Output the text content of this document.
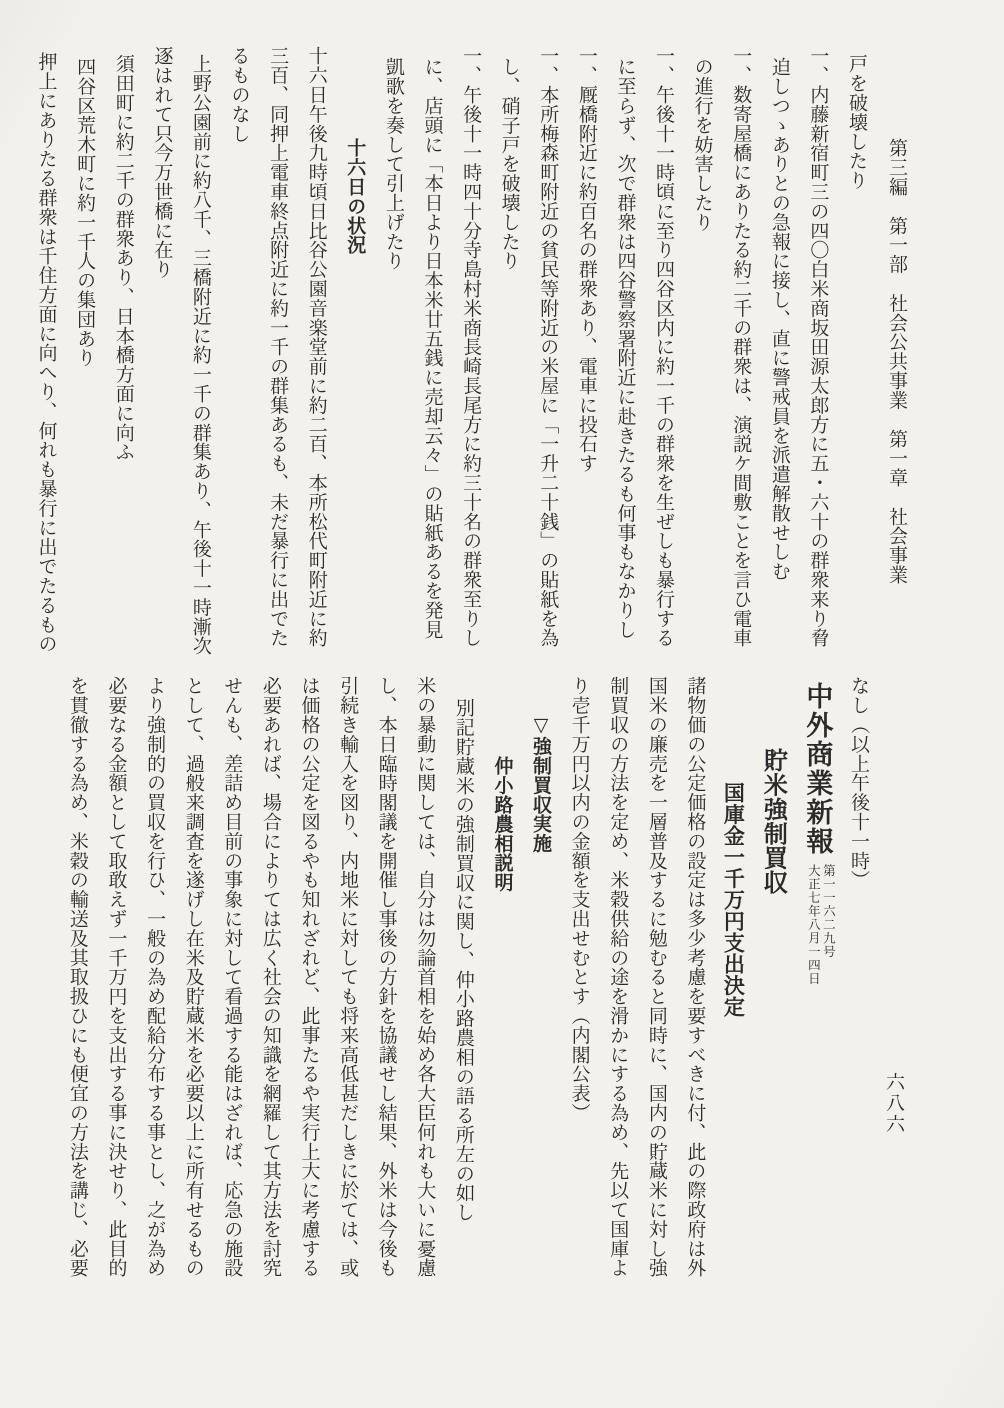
第三編　第一部　社会公共事業　第一章　社会事業
戸を破壊したり
一、内藤新宿町三の四〇白米商坂田源太郎方に五・六十の群衆来り脅
迫しつゝありとの急報に接し、直に警戒員を派遣解散せしむ
一、数寄屋橋にありたる約二千の群衆は、演説ケ間敷ことを言ひ電車
の進行を妨害したり
一、午後十一時頃に至り四谷区内に約一千の群衆を生ぜしも暴行する
に至らず、次で群衆は四谷警察署附近に赴きたるも何事もなかりし
一、厩橋附近に約百名の群衆あり、電車に投石す
一、本所梅森町附近の貧民等附近の米屋に「一升二十銭」の貼紙を為
し、硝子戸を破壊したり
一、午後十一時四十分寺島村米商長崎長尾方に約三十名の群衆至りし
に、店頭に「本日より日本米廿五銭に売却云々」の貼紙あるを発見
凱歌を奏して引上げたり
十六日の状況
十六日午後九時頃日比谷公園音楽堂前に約二百、本所松代町附近に約
三百、同押上電車終点附近に約一千の群集あるも、未だ暴行に出でた
るものなし
上野公園前に約八千、三橋附近に約一千の群集あり、午後十一時漸次
逐はれて只今万世橋に在り
須田町に約二千の群衆あり、日本橋方面に向ふ
四谷区荒木町に約一千人の集団あり
押上にありたる群衆は千住方面に向へり、何れも暴行に出でたるもの
なし（以上午後十一時）
中外商業新報
第一一六二九号
大正七年八月一四日
貯米強制買収
国庫金一千万円支出決定
諸物価の公定価格の設定は多少考慮を要すべきに付、此の際政府は外
国米の廉売を一層普及するに勉むると同時に、国内の貯蔵米に対し強
制買収の方法を定め、米穀供給の途を滑かにする為め、先以て国庫よ
り壱千万円以内の金額を支出せむとす（内閣公表）
▽強制買収実施
仲小路農相説明
別記貯蔵米の強制買収に関し、仲小路農相の語る所左の如し
米の暴動に関しては、自分は勿論首相を始め各大臣何れも大いに憂慮
し、本日臨時閣議を開催し事後の方針を協議せし結果、外米は今後も
引続き輸入を図り、内地米に対しても将来高低甚だしきに於ては、或
は価格の公定を図るやも知れざれど、此事たるや実行上大に考慮する
必要あれば、場合によりては広く社会の知識を網羅して其方法を討究
せんも、差詰め目前の事象に対して看過する能はざれば、応急の施設
として、過般来調査を遂げし在米及貯蔵米を必要以上に所有せるもの
より強制的の買収を行ひ、一般の為め配給分布する事とし、之が為め
必要なる金額として取敢えず一千万円を支出する事に決せり、此目的
を貫徹する為め、米穀の輸送及其取扱ひにも便宜の方法を講じ、必要	六八六
